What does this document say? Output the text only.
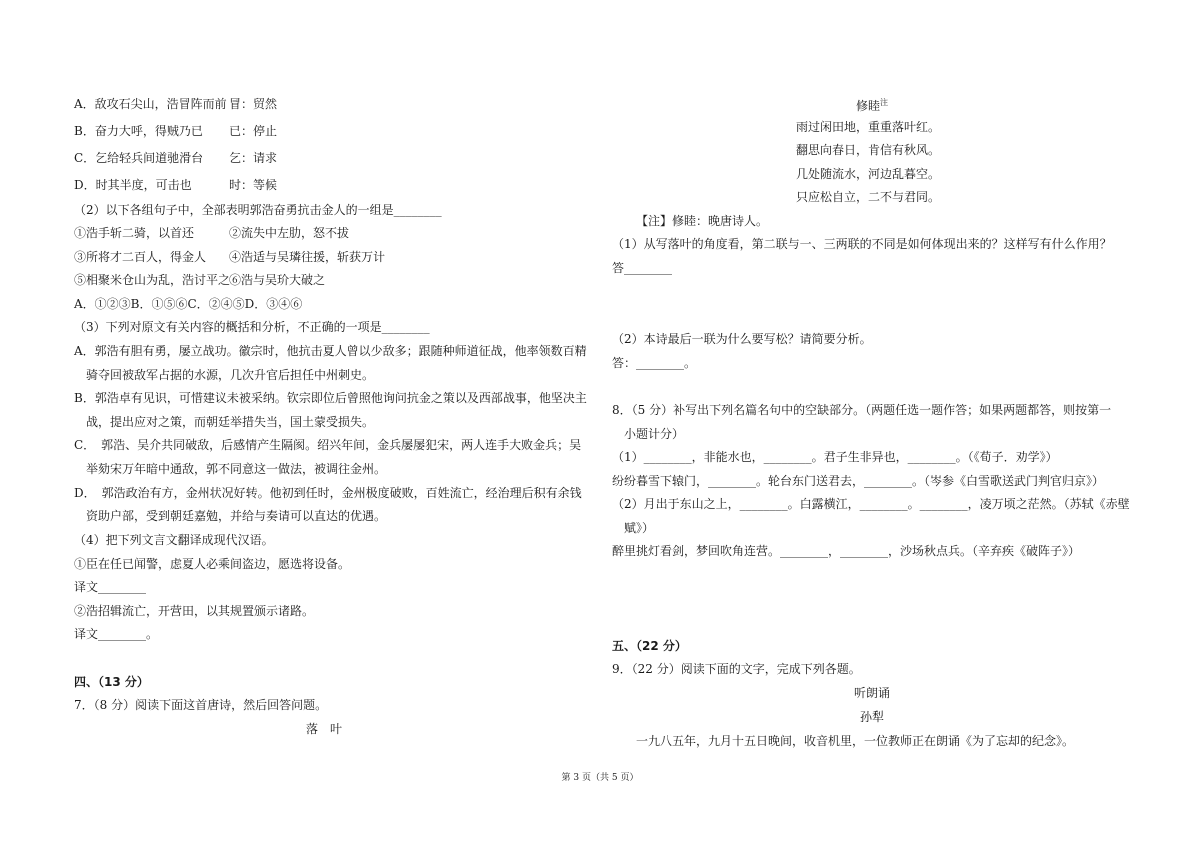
A．敌攻石尖山，浩冒阵而前 冒：贸然
B．奋力大呼，得贼乃已 已：停止
C．乞给轻兵间道驰滑台 乞：请求
D．时其半度，可击也	时：等候
（2）以下各组句子中，全部表明郭浩奋勇抗击金人的一组是________
①浩手斩二骑，以首还	②流失中左肋，怒不拔
③所将才二百人，得金人 ④浩适与吴璘往援，斩获万计
⑤相聚米仓山为乱，浩讨平之⑥浩与吴玠大破之
A．①②③B．①⑤⑥C．②④⑤D．③④⑥
（3）下列对原文有关内容的概括和分析，不正确的一项是________
A．郭浩有胆有勇，屡立战功。徽宗时，他抗击夏人曾以少敌多；跟随种师道征战，他率领数百精
骑夺回被敌军占据的水源，几次升官后担任中州刺史。
B．郭浩卓有见识，可惜建议未被采纳。钦宗即位后曾照他询问抗金之策以及西部战事，他坚决主
战，提出应对之策，而朝廷举措失当，国土蒙受损失。
C．　郭浩、吴介共同破敌，后感情产生隔阂。绍兴年间，金兵屡屡犯宋，两人连手大败金兵；吴
举劾宋万年暗中通敌，郭不同意这一做法，被调往金州。
D．　郭浩政治有方，金州状况好转。他初到任时，金州极度破败，百姓流亡，经治理后积有余钱
资助户部，受到朝廷嘉勉，并给与奏请可以直达的优遇。
（4）把下列文言文翻译成现代汉语。
①臣在任已闻警，虑夏人必乘间盗边，愿选将设备。
译文________
②浩招辑流亡，开营田，以其规置颁示诸路。
译文________。
四、（13 分）
7．（8 分）阅读下面这首唐诗，然后回答问题。
落　叶
修睦$^注$
雨过闲田地，重重落叶红。
翻思向春日，肯信有秋风。
几处随流水，河边乱暮空。
只应松自立，二不与君同。
【注】修睦：晚唐诗人。
（1）从写落叶的角度看，第二联与一、三两联的不同是如何体现出来的？这样写有什么作用？
答________
（2）本诗最后一联为什么要写松？请简要分析。
答：________。
8．（5 分）补写出下列名篇名句中的空缺部分。（两题任选一题作答；如果两题都答，则按第一
小题计分）
（1）________，非能水也，________。君子生非异也，________。（《荀子．劝学》）
纷纷暮雪下辕门，________。轮台东门送君去，________。（岑参《白雪歌送武门判官归京》）
（2）月出于东山之上，________。白露横江，________。________，凌万顷之茫然。（苏轼《赤壁
赋》）
醉里挑灯看剑，梦回吹角连营。________，________，沙场秋点兵。（辛弃疾《破阵子》）
五、（22 分）
9．（22 分）阅读下面的文字，完成下列各题。
听朗诵
孙犁
一九八五年，九月十五日晚间，收音机里，一位教师正在朗诵《为了忘却的纪念》。
第 3 页（共 5 页）
